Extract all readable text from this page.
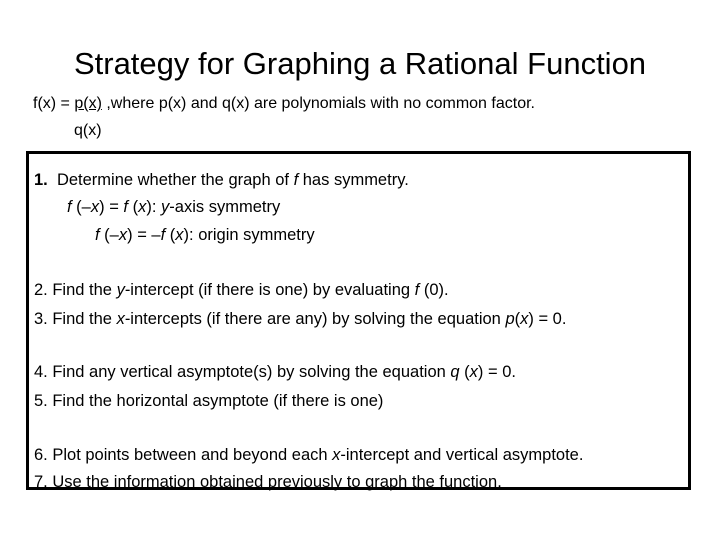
Strategy for Graphing a Rational Function
f(x) = p(x) ,where p(x) and q(x) are polynomials with no common factor.
q(x)
1. Determine whether the graph of f has symmetry.
f (–x) = f (x): y-axis symmetry
f (–x) = –f (x): origin symmetry
2. Find the y-intercept (if there is one) by evaluating f (0).
3. Find the x-intercepts (if there are any) by solving the equation p(x) = 0.
4. Find any vertical asymptote(s) by solving the equation q (x) = 0.
5. Find the horizontal asymptote (if there is one)
6. Plot points between and beyond each x-intercept and vertical asymptote.
7. Use the information obtained previously to graph the function.
